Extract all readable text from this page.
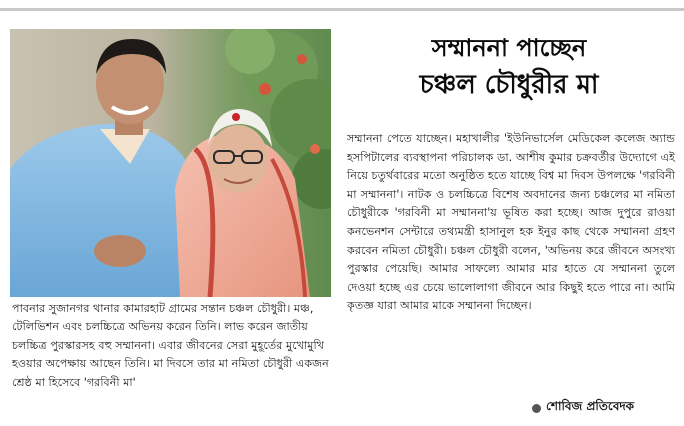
পাবনার সুজানগর থানার কামারহাট গ্রামের সন্তান চঞ্চল চৌধুরী। মঞ্চ, টেলিভিশন এবং চলচ্চিত্রে অভিনয় করেন তিনি। লাভ করেন জাতীয় চলচ্চিত্র পুরস্কারসহ বহু সম্মাননা। এবার জীবনের সেরা মুহূর্তের মুখোমুখি হওয়ার অপেক্ষায় আছেন তিনি। মা দিবসে তার মা নমিতা চৌধুরী একজন শ্রেষ্ঠ মা হিসেবে 'গরবিনী মা'
সম্মাননা পাচ্ছেন
চঞ্চল চৌধুরীর মা
সম্মাননা পেতে যাচ্ছেন। মহাখালীর 'ইউনিভার্সেল মেডিকেল কলেজ অ্যান্ড হসপিটালের ব্যবস্থাপনা পরিচালক ডা. আশীষ কুমার চক্রবর্তীর উদ্যোগে এই নিয়ে চতুর্থবারের মতো অনুষ্ঠিত হতে যাচ্ছে বিশ্ব মা দিবস উপলক্ষে 'গরবিনী মা সম্মাননা'। নাটক ও চলচ্চিত্রে বিশেষ অবদানের জন্য চঞ্চলের মা নমিতা চৌধুরীকে 'গরবিনী মা সম্মাননা'য় ভূষিত করা হচ্ছে। আজ দুপুরে রাওয়া কনভেনশন সেন্টারে তথ্যমন্ত্রী হাসানুল হক ইনুর কাছ থেকে সম্মাননা গ্রহণ করবেন নমিতা চৌধুরী। চঞ্চল চৌধুরী বলেন, 'অভিনয় করে জীবনে অসংখ্য পুরস্কার পেয়েছি। আমার সাফল্যে আমার মার হাতে যে সম্মাননা তুলে দেওয়া হচ্ছে এর চেয়ে ভালোলাগা জীবনে আর কিছুই হতে পারে না। আমি কৃতজ্ঞ যারা আমার মাকে সম্মাননা দিচ্ছেন।
শোবিজ প্রতিবেদক
